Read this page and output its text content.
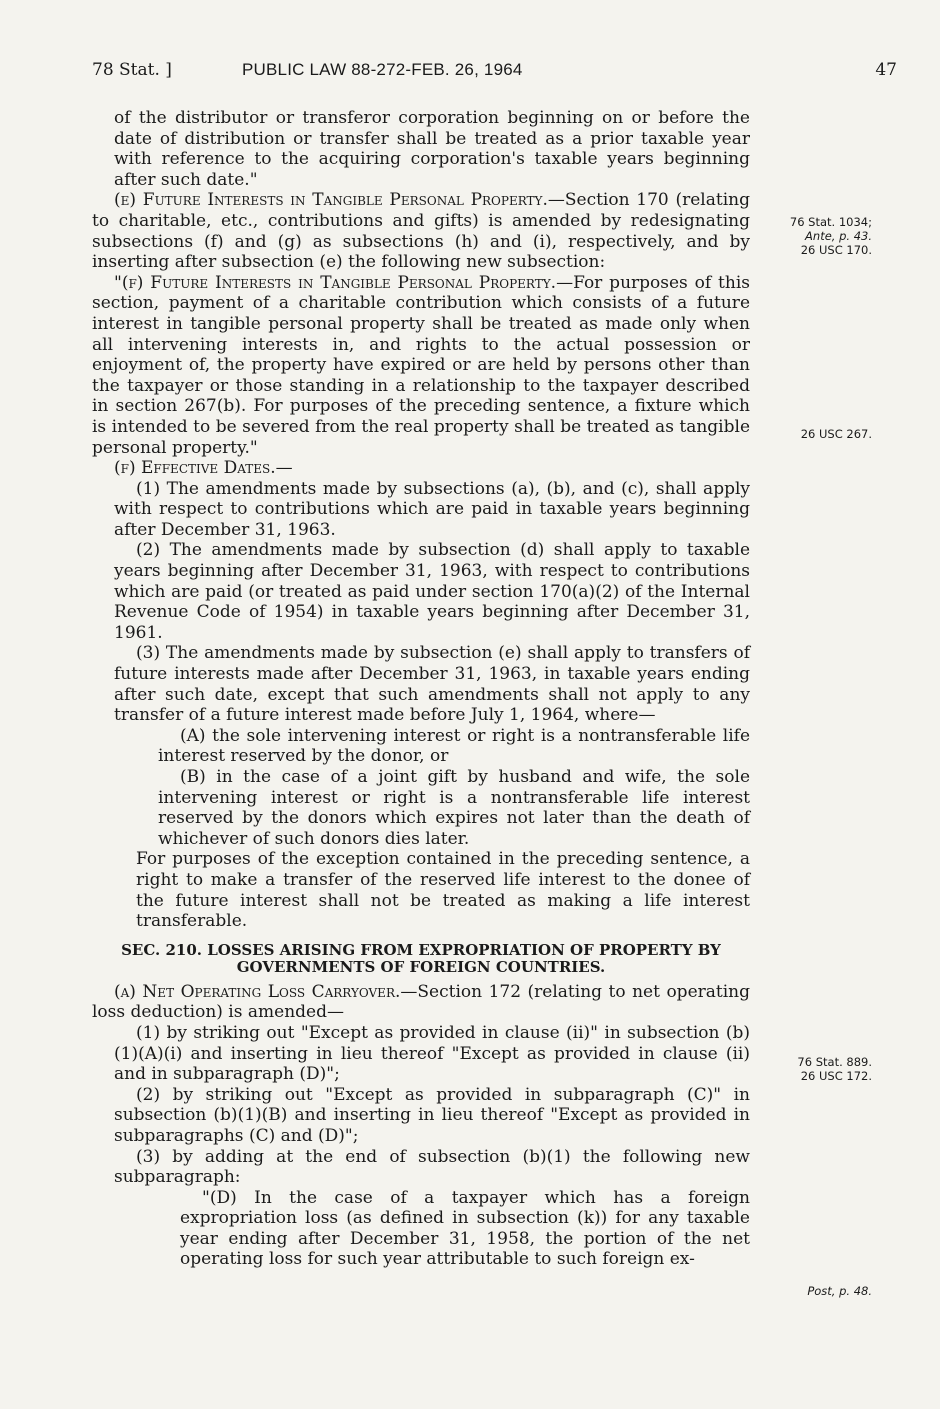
78 Stat. ]	PUBLIC LAW 88-272-FEB. 26, 1964	47

of the distributor or transferor corporation beginning on or before the date of distribution or transfer shall be treated as a prior taxable year with reference to the acquiring corporation's taxable years beginning after such date."

(e) Future Interests in Tangible Personal Property.—Section 170 (relating to charitable, etc., contributions and gifts) is amended by redesignating subsections (f) and (g) as subsections (h) and (i), respectively, and by inserting after subsection (e) the following new subsection:

"(f) Future Interests in Tangible Personal Property.—For purposes of this section, payment of a charitable contribution which consists of a future interest in tangible personal property shall be treated as made only when all intervening interests in, and rights to the actual possession or enjoyment of, the property have expired or are held by persons other than the taxpayer or those standing in a relationship to the taxpayer described in section 267(b). For purposes of the preceding sentence, a fixture which is intended to be severed from the real property shall be treated as tangible personal property."

(f) Effective Dates.—

(1) The amendments made by subsections (a), (b), and (c), shall apply with respect to contributions which are paid in taxable years beginning after December 31, 1963.

(2) The amendments made by subsection (d) shall apply to taxable years beginning after December 31, 1963, with respect to contributions which are paid (or treated as paid under section 170(a)(2) of the Internal Revenue Code of 1954) in taxable years beginning after December 31, 1961.

(3) The amendments made by subsection (e) shall apply to transfers of future interests made after December 31, 1963, in taxable years ending after such date, except that such amendments shall not apply to any transfer of a future interest made before July 1, 1964, where—

(A) the sole intervening interest or right is a nontransferable life interest reserved by the donor, or

(B) in the case of a joint gift by husband and wife, the sole intervening interest or right is a nontransferable life interest reserved by the donors which expires not later than the death of whichever of such donors dies later.

For purposes of the exception contained in the preceding sentence, a right to make a transfer of the reserved life interest to the donee of the future interest shall not be treated as making a life interest transferable.

SEC. 210. LOSSES ARISING FROM EXPROPRIATION OF PROPERTY BY GOVERNMENTS OF FOREIGN COUNTRIES.

(a) Net Operating Loss Carryover.—Section 172 (relating to net operating loss deduction) is amended—

(1) by striking out "Except as provided in clause (ii)" in subsection (b)(1)(A)(i) and inserting in lieu thereof "Except as provided in clause (ii) and in subparagraph (D)";

(2) by striking out "Except as provided in subparagraph (C)" in subsection (b)(1)(B) and inserting in lieu thereof "Except as provided in subparagraphs (C) and (D)";

(3) by adding at the end of subsection (b)(1) the following new subparagraph:

"(D) In the case of a taxpayer which has a foreign expropriation loss (as defined in subsection (k)) for any taxable year ending after December 31, 1958, the portion of the net operating loss for such year attributable to such foreign ex-

76 Stat. 1034;
Ante, p. 43.
26 USC 170.
26 USC 267.
76 Stat. 889.
26 USC 172.
Post, p. 48.
